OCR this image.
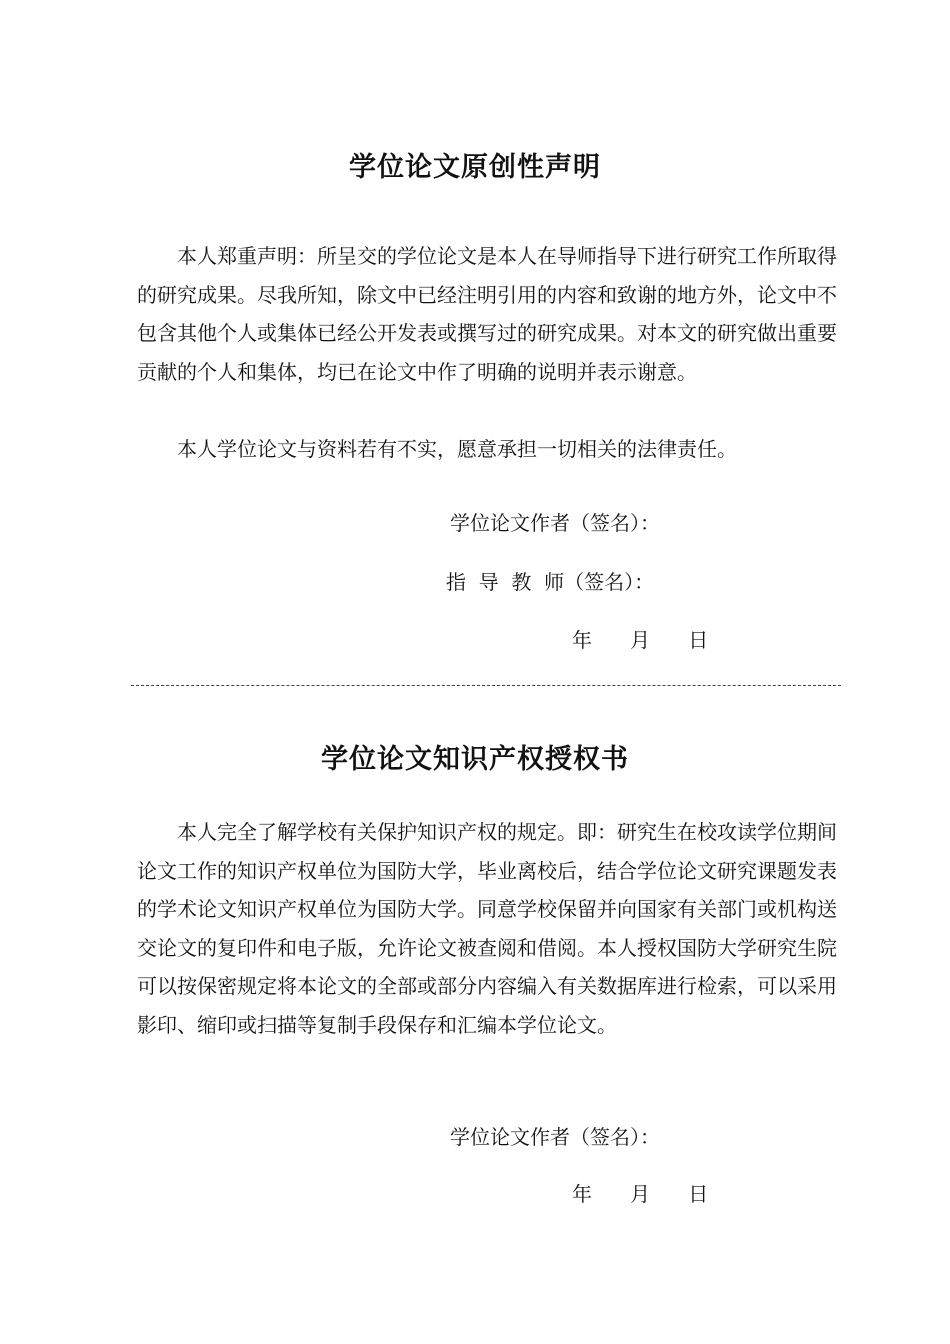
学位论文原创性声明

本人郑重声明：所呈交的学位论文是本人在导师指导下进行研究工作所取得的研究成果。尽我所知，除文中已经注明引用的内容和致谢的地方外，论文中不包含其他个人或集体已经公开发表或撰写过的研究成果。对本文的研究做出重要贡献的个人和集体，均已在论文中作了明确的说明并表示谢意。

本人学位论文与资料若有不实，愿意承担一切相关的法律责任。

学位论文作者（签名）：

指  导  教  师（签名）：

年      月      日

学位论文知识产权授权书

本人完全了解学校有关保护知识产权的规定。即：研究生在校攻读学位期间论文工作的知识产权单位为国防大学，毕业离校后，结合学位论文研究课题发表的学术论文知识产权单位为国防大学。同意学校保留并向国家有关部门或机构送交论文的复印件和电子版，允许论文被查阅和借阅。本人授权国防大学研究生院可以按保密规定将本论文的全部或部分内容编入有关数据库进行检索，可以采用影印、缩印或扫描等复制手段保存和汇编本学位论文。

学位论文作者（签名）：

年      月      日
